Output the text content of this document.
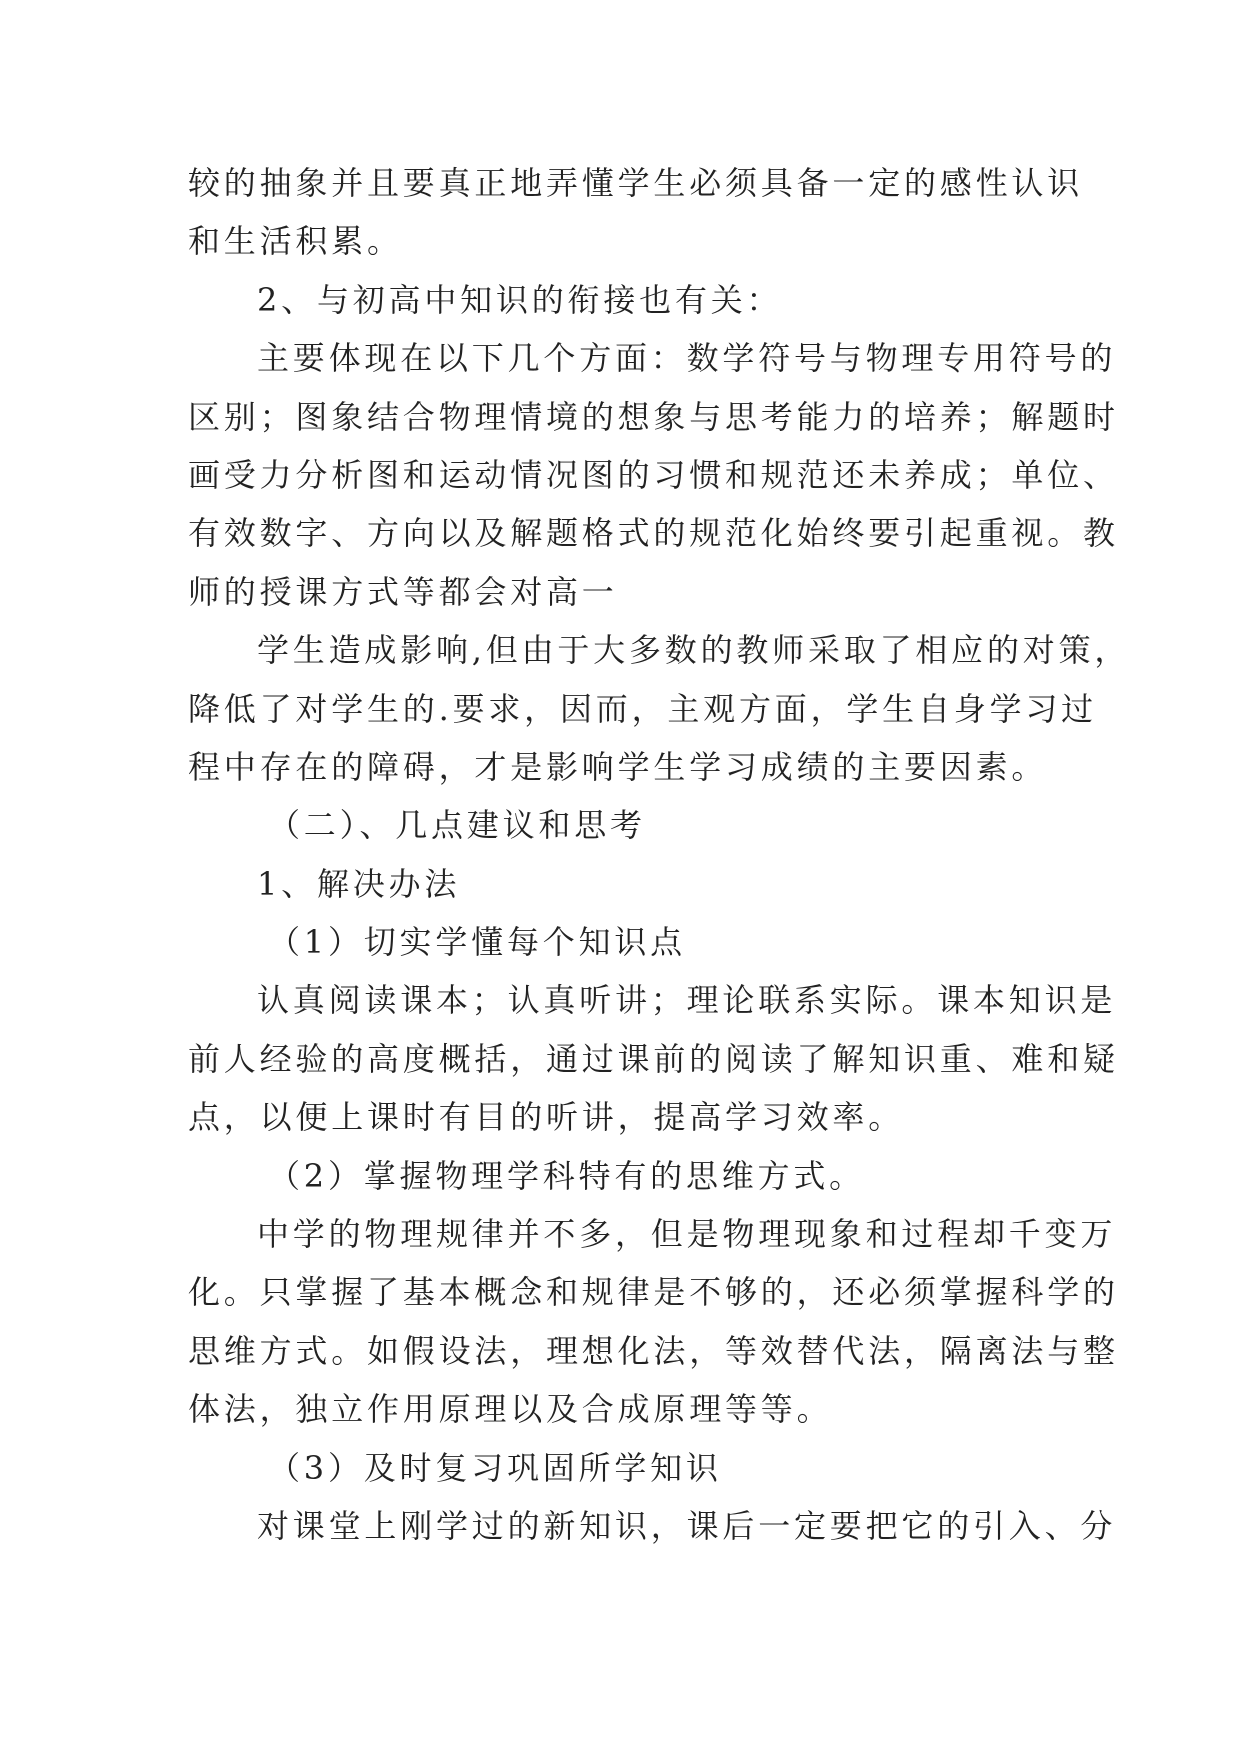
较的抽象并且要真正地弄懂学生必须具备一定的感性认识
和生活积累。
2、与初高中知识的衔接也有关：
主要体现在以下几个方面：数学符号与物理专用符号的
区别；图象结合物理情境的想象与思考能力的培养；解题时
画受力分析图和运动情况图的习惯和规范还未养成；单位、
有效数字、方向以及解题格式的规范化始终要引起重视。教
师的授课方式等都会对高一
学生造成影响,但由于大多数的教师采取了相应的对策，
降低了对学生的.要求，因而，主观方面，学生自身学习过
程中存在的障碍，才是影响学生学习成绩的主要因素。
（二）、几点建议和思考
1、解决办法
（1）切实学懂每个知识点
认真阅读课本；认真听讲；理论联系实际。课本知识是
前人经验的高度概括，通过课前的阅读了解知识重、难和疑
点，以便上课时有目的听讲，提高学习效率。
（2）掌握物理学科特有的思维方式。
中学的物理规律并不多，但是物理现象和过程却千变万
化。只掌握了基本概念和规律是不够的，还必须掌握科学的
思维方式。如假设法，理想化法，等效替代法，隔离法与整
体法，独立作用原理以及合成原理等等。
（3）及时复习巩固所学知识
对课堂上刚学过的新知识，课后一定要把它的引入、分
